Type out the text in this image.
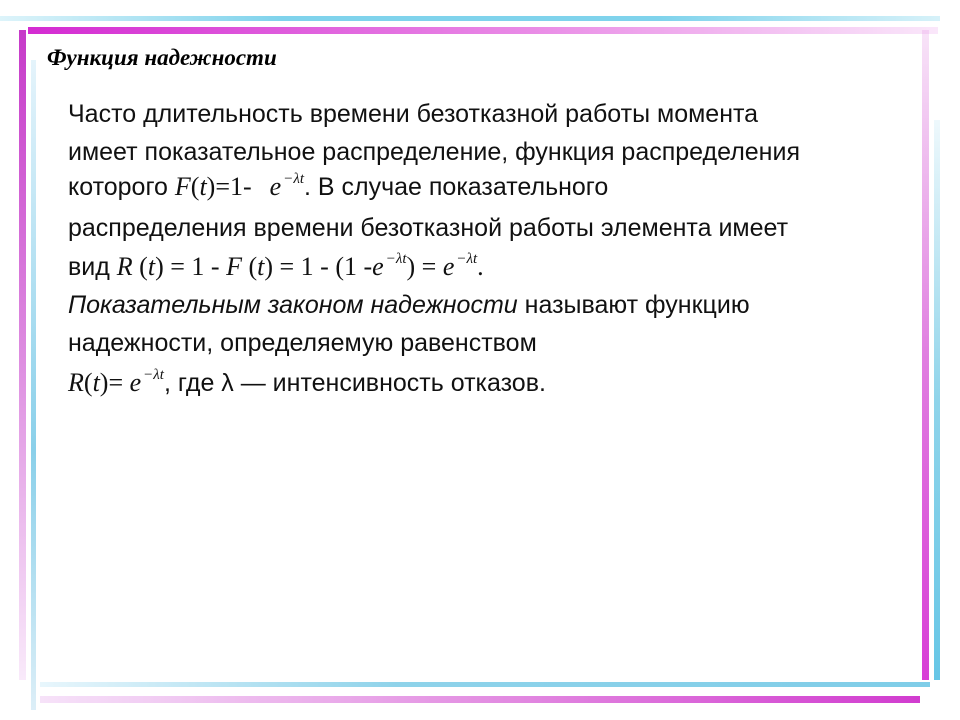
Функция надежности
Часто длительность времени безотказной работы момента
имеет показательное распределение, функция распределения
которого F(t)=1- e $^{-\lambda t}$. В случае показательного
распределения времени безотказной работы элемента имеет
вид R (t) = 1 - F (t) = 1 - (1 -e $^{-\lambda t}$) = e $^{-\lambda t}$.
Показательным законом надежности называют функцию
надежности, определяемую равенством
R(t)= e $^{-\lambda t}$, где λ — интенсивность отказов.
